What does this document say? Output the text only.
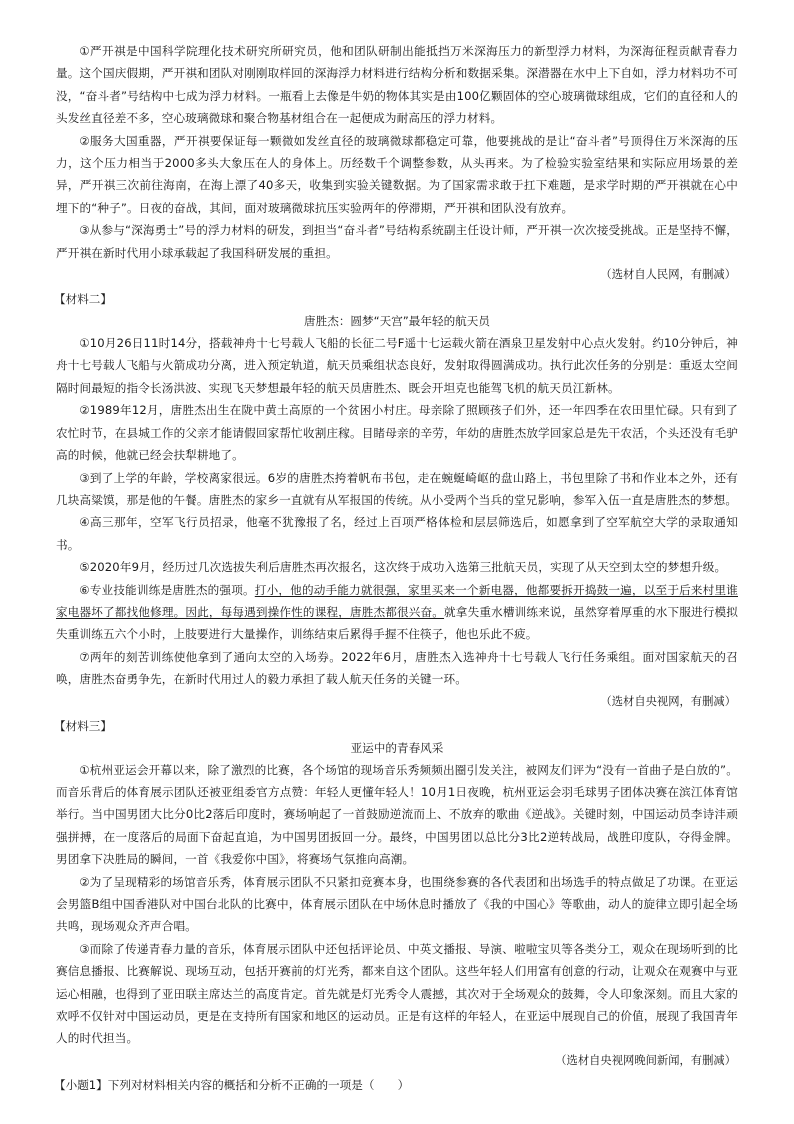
①严开祺是中国科学院理化技术研究所研究员，他和团队研制出能抵挡万米深海压力的新型浮力材料，为深海征程贡献青春力量。这个国庆假期，严开祺和团队对刚刚取样回的深海浮力材料进行结构分析和数据采集。深潜器在水中上下自如，浮力材料功不可没，“奋斗者”号结构中七成为浮力材料。一瓶看上去像是牛奶的物体其实是由100亿颗固体的空心玻璃微球组成，它们的直径和人的头发丝直径差不多，空心玻璃微球和聚合物基材组合在一起便成为耐高压的浮力材料。

②服务大国重器，严开祺要保证每一颗微如发丝直径的玻璃微球都稳定可靠，他要挑战的是让“奋斗者”号顶得住万米深海的压力，这个压力相当于2000多头大象压在人的身体上。历经数千个调整参数，从头再来。为了检验实验室结果和实际应用场景的差异，严开祺三次前往海南，在海上漂了40多天，收集到实验关键数据。为了国家需求敢于扛下难题，是求学时期的严开祺就在心中埋下的“种子”。日夜的奋战，其间，面对玻璃微球抗压实验两年的停滞期，严开祺和团队没有放弃。

③从参与“深海勇士”号的浮力材料的研发，到担当“奋斗者”号结构系统副主任设计师，严开祺一次次接受挑战。正是坚持不懈，严开祺在新时代用小球承载起了我国科研发展的重担。

（选材自人民网，有删减）

【材料二】

唐胜杰：圆梦“天宫”最年轻的航天员

①10月26日11时14分，搭载神舟十七号载人飞船的长征二号F遥十七运载火箭在酒泉卫星发射中心点火发射。约10分钟后，神舟十七号载人飞船与火箭成功分离，进入预定轨道，航天员乘组状态良好，发射取得圆满成功。执行此次任务的分别是：重返太空间隔时间最短的指令长汤洪波、实现飞天梦想最年轻的航天员唐胜杰、既会开坦克也能驾飞机的航天员江新林。

②1989年12月，唐胜杰出生在陇中黄土高原的一个贫困小村庄。母亲除了照顾孩子们外，还一年四季在农田里忙碌。只有到了农忙时节，在县城工作的父亲才能请假回家帮忙收割庄稼。目睹母亲的辛劳，年幼的唐胜杰放学回家总是先干农活，个头还没有毛驴高的时候，他就已经会扶犁耕地了。

③到了上学的年龄，学校离家很远。6岁的唐胜杰挎着帆布书包，走在蜿蜒崎岖的盘山路上，书包里除了书和作业本之外，还有几块高粱馍，那是他的午餐。唐胜杰的家乡一直就有从军报国的传统。从小受两个当兵的堂兄影响，参军入伍一直是唐胜杰的梦想。

④高三那年，空军飞行员招录，他毫不犹豫报了名，经过上百项严格体检和层层筛选后，如愿拿到了空军航空大学的录取通知书。

⑤2020年9月，经历过几次选拔失利后唐胜杰再次报名，这次终于成功入选第三批航天员，实现了从天空到太空的梦想升级。

⑥专业技能训练是唐胜杰的强项。打小，他的动手能力就很强，家里买来一个新电器，他都要拆开捣鼓一遍，以至于后来村里谁家电器坏了都找他修理。因此，每每遇到操作性的课程，唐胜杰都很兴奋。就拿失重水槽训练来说，虽然穿着厚重的水下服进行模拟失重训练五六个小时，上肢要进行大量操作，训练结束后累得手握不住筷子，他也乐此不疲。

⑦两年的刻苦训练使他拿到了通向太空的入场券。2022年6月，唐胜杰入选神舟十七号载人飞行任务乘组。面对国家航天的召唤，唐胜杰奋勇争先，在新时代用过人的毅力承担了载人航天任务的关键一环。

（选材自央视网，有删减）

【材料三】

亚运中的青春风采

①杭州亚运会开幕以来，除了激烈的比赛，各个场馆的现场音乐秀频频出圈引发关注，被网友们评为“没有一首曲子是白放的”。而音乐背后的体育展示团队还被亚组委官方点赞：年轻人更懂年轻人！10月1日夜晚，杭州亚运会羽毛球男子团体决赛在滨江体育馆举行。当中国男团大比分0比2落后印度时，赛场响起了一首鼓励逆流而上、不放弃的歌曲《逆战》。关键时刻，中国运动员李诗沣顽强拼搏，在一度落后的局面下奋起直追，为中国男团扳回一分。最终，中国男团以总比分3比2逆转战局，战胜印度队，夺得金牌。男团拿下决胜局的瞬间，一首《我爱你中国》，将赛场气氛推向高潮。

②为了呈现精彩的场馆音乐秀，体育展示团队不只紧扣竞赛本身，也围绕参赛的各代表团和出场选手的特点做足了功课。在亚运会男篮B组中国香港队对中国台北队的比赛中，体育展示团队在中场休息时播放了《我的中国心》等歌曲，动人的旋律立即引起全场共鸣，现场观众齐声合唱。

③而除了传递青春力量的音乐，体育展示团队中还包括评论员、中英文播报、导演、啦啦宝贝等各类分工，观众在现场听到的比赛信息播报、比赛解说、现场互动，包括开赛前的灯光秀，都来自这个团队。这些年轻人们用富有创意的行动，让观众在观赛中与亚运心相融，也得到了亚田联主席达兰的高度肯定。首先就是灯光秀令人震撼，其次对于全场观众的鼓舞，令人印象深刻。而且大家的欢呼不仅针对中国运动员，更是在支持所有国家和地区的运动员。正是有这样的年轻人，在亚运中展现自己的价值，展现了我国青年人的时代担当。

（选材自央视网晚间新闻，有删减）

【小题1】下列对材料相关内容的概括和分析不正确的一项是（　　）
